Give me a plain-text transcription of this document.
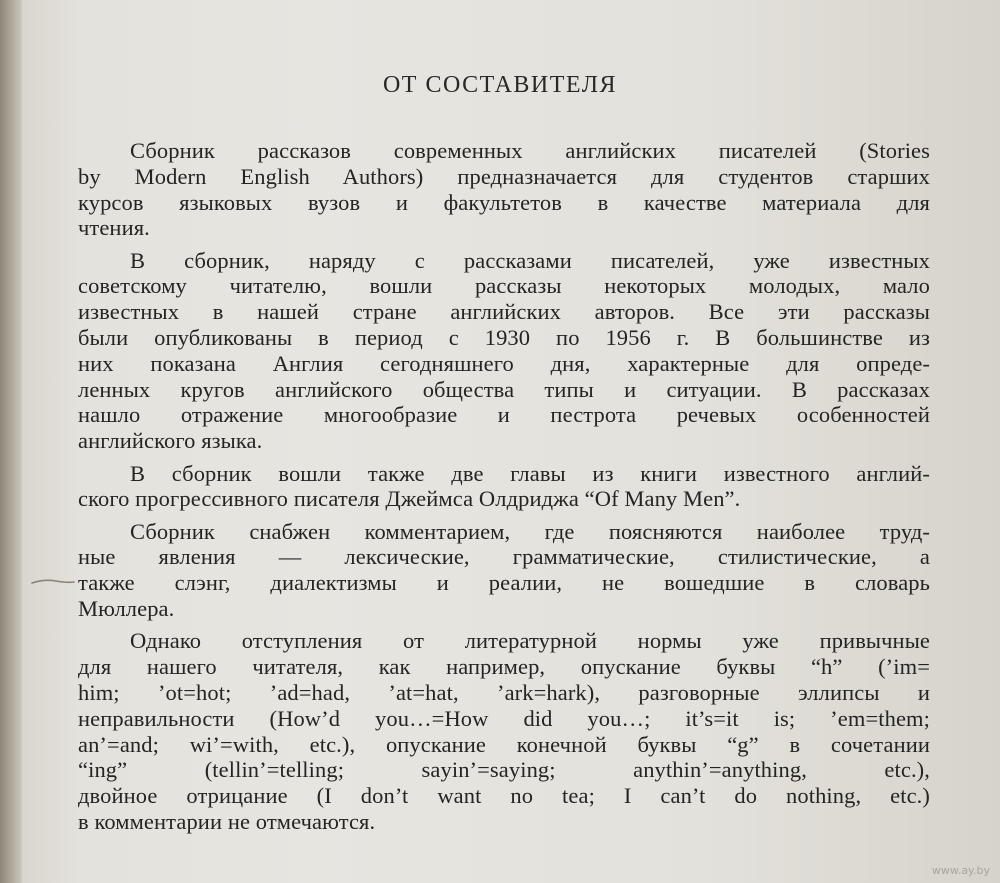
ОТ СОСТАВИТЕЛЯ
Сборник рассказов современных английских писателей (Stories
by Modern English Authors) предназначается для студентов старших
курсов языковых вузов и факультетов в качестве материала для
чтения.
В сборник, наряду с рассказами писателей, уже известных
советскому читателю, вошли рассказы некоторых молодых, мало
известных в нашей стране английских авторов. Все эти рассказы
были опубликованы в период с 1930 по 1956 г. В большинстве из
них показана Англия сегодняшнего дня, характерные для опреде-
ленных кругов английского общества типы и ситуации. В рассказах
нашло отражение многообразие и пестрота речевых особенностей
английского языка.
В сборник вошли также две главы из книги известного англий-
ского прогрессивного писателя Джеймса Олдриджа “Of Many Men”.
Сборник снабжен комментарием, где поясняются наиболее труд-
ные явления — лексические, грамматические, стилистические, а
также слэнг, диалектизмы и реалии, не вошедшие в словарь
Мюллера.
Однако отступления от литературной нормы уже привычные
для нашего читателя, как например, опускание буквы “h” (’im=
him; ’ot=hot; ’ad=had, ’at=hat, ’ark=hark), разговорные эллипсы и
неправильности (How’d you…=How did you…; it’s=it is; ’em=them;
an’=and; wi’=with, etc.), опускание конечной буквы “g” в сочетании
“ing” (tellin’=telling; sayin’=saying; anythin’=anything, etc.),
двойное отрицание (I don’t want no tea; I can’t do nothing, etc.)
в комментарии не отмечаются.
www.ay.by
